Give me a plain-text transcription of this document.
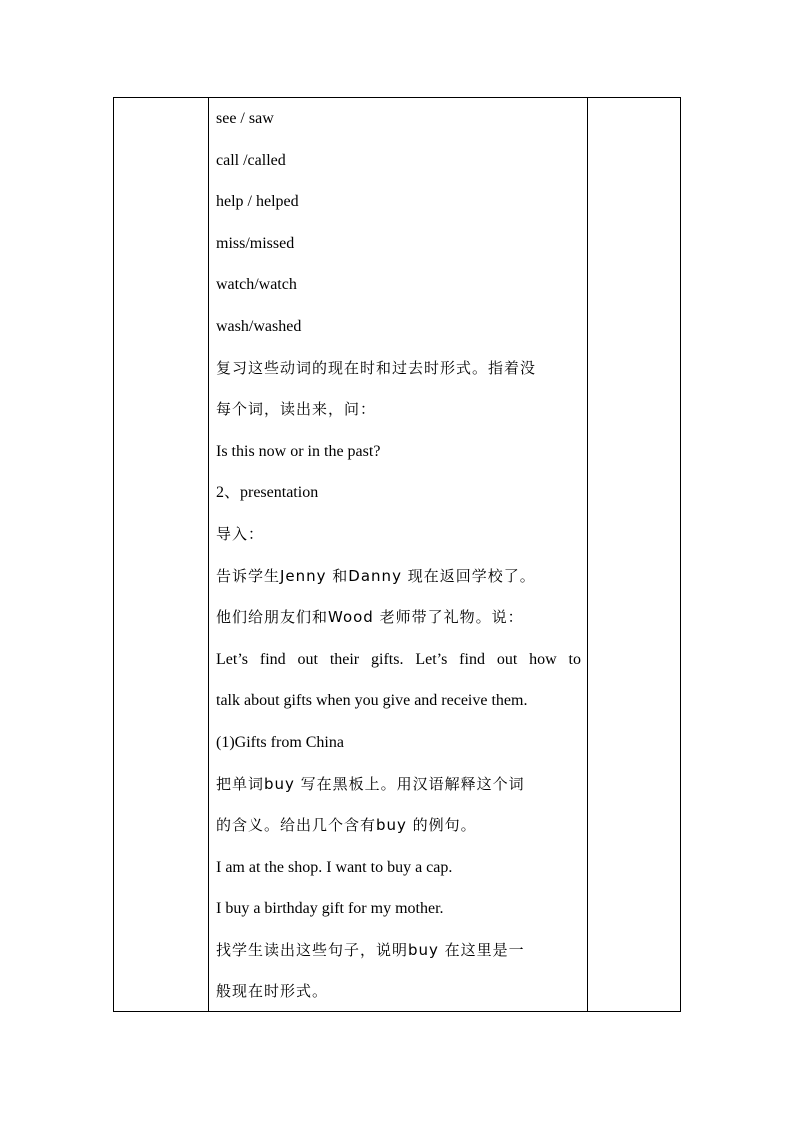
see / saw
call /called
help / helped
miss/missed
watch/watch
wash/washed
复习这些动词的现在时和过去时形式。指着没
每个词，读出来，问：
Is this now or in the past?
2、presentation
导入：
告诉学生Jenny 和Danny 现在返回学校了。
他们给朋友们和Wood 老师带了礼物。说：
Let’s find out their gifts. Let’s find out how to
talk about gifts when you give and receive them.
(1)Gifts from China
把单词buy 写在黑板上。用汉语解释这个词
的含义。给出几个含有buy 的例句。
I am at the shop. I want to buy a cap.
I buy a birthday gift for my mother.
找学生读出这些句子，说明buy 在这里是一
般现在时形式。
